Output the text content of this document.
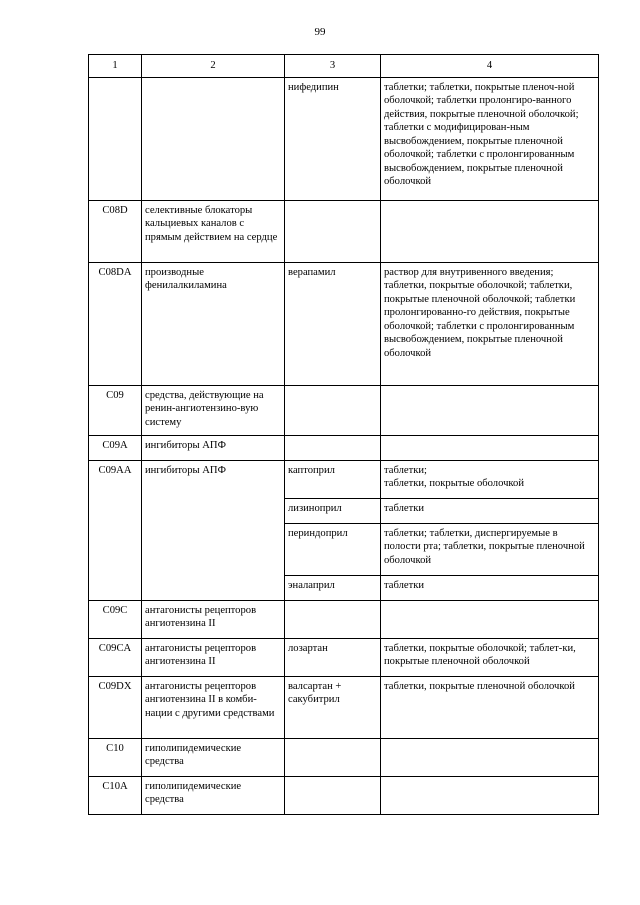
99
1	2	3	4
		нифедипин	таблетки; таблетки, покрытые пленоч-ной оболочкой; таблетки пролонгиро-ванного действия, покрытые пленочной оболочкой; таблетки с модифицирован-ным высвобождением, покрытые пленочной оболочкой; таблетки с пролонгированным высвобождением, покрытые пленочной оболочкой
C08D	селективные блокаторы кальциевых каналов с прямым действием на сердце		
C08DA	производные фенилалкиламина	верапамил	раствор для внутривенного введения; таблетки, покрытые оболочкой; таблетки, покрытые пленочной оболочкой; таблетки пролонгированно-го действия, покрытые оболочкой; таблетки с пролонгированным высвобождением, покрытые пленочной оболочкой
C09	средства, действующие на ренин-ангиотензино-вую систему		
C09A	ингибиторы АПФ		
C09AA	ингибиторы АПФ	каптоприл	таблетки;
таблетки, покрытые оболочкой
		лизиноприл	таблетки
		периндоприл	таблетки; таблетки, диспергируемые в полости рта; таблетки, покрытые пленочной оболочкой
		эналаприл	таблетки
C09C	антагонисты рецепторов ангиотензина II		
C09CA	антагонисты рецепторов ангиотензина II	лозартан	таблетки, покрытые оболочкой; таблет-ки, покрытые пленочной оболочкой
C09DX	антагонисты рецепторов ангиотензина II в комби-нации с другими средствами	валсартан + сакубитрил	таблетки, покрытые пленочной оболочкой
C10	гиполипидемические средства		
C10A	гиполипидемические средства		
